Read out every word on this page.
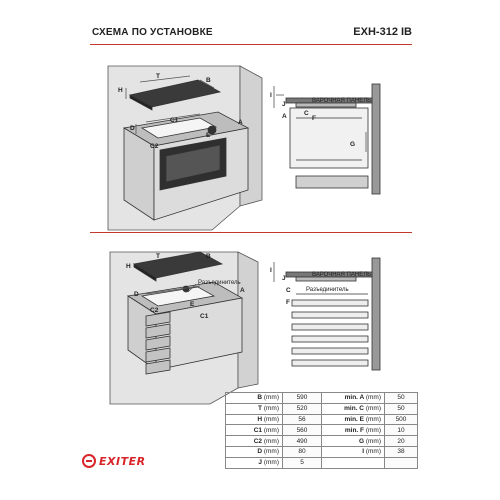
СХЕМА ПО УСТАНОВКЕ	EXH-312 IB
T
B
H
D
C1
C2
E
A
I
A
J
C
F
G
ВАРОЧНАЯ ПАНЕЛЬ
T
H
B
A
D
C2
E
C1
Разъединитель
I
J
C
F
ВАРОЧНАЯ ПАНЕЛЬ
Разъединитель
B (mm)	590	min. A (mm)	50
T (mm)	520	min. C (mm)	50
H (mm)	56	min. E (mm)	500
C1 (mm)	560	min. F (mm)	10
C2 (mm)	490	G (mm)	20
D (mm)	80	I (mm)	38
J (mm)	5		
EXITER
